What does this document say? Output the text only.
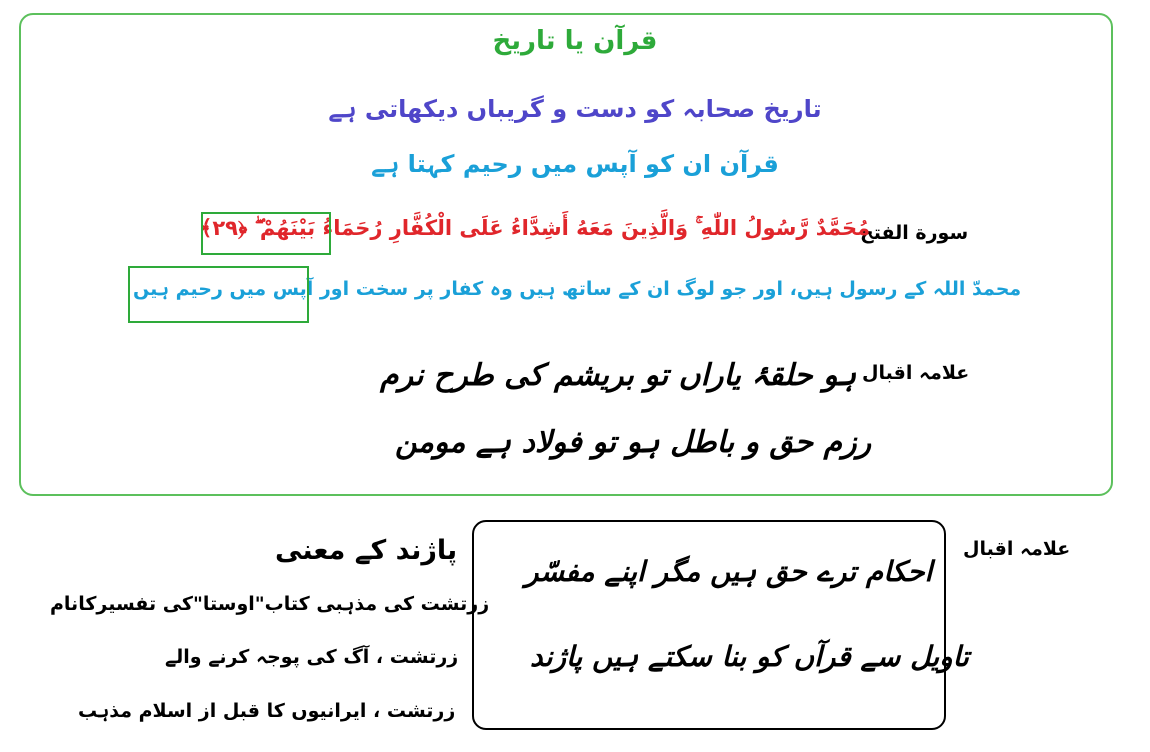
قرآن یا تاریخ
تاریخ صحابہ کو دست و گریباں دیکھاتی ہے
قرآن ان کو آپس میں رحیم کہتا ہے
سورة الفتح
مُحَمَّدٌ رَّسُولُ اللّٰهِ ۚ وَالَّذِينَ مَعَهُ أَشِدَّاءُ عَلَى الْكُفَّارِ رُحَمَاءُ بَيْنَهُمْ ۖ ﴿٢٩﴾
محمدّ اللہ کے رسول ہیں، اور جو لوگ ان کے ساتھ ہیں وہ کفار پر سخت اور آپس میں رحیم ہیں
علامہ اقبال
ہو حلقۂ یاراں تو بریشم کی طرح نرم
رزم حق و باطل ہو تو فولاد ہے مومن
پاژند کے معنی
زرتشت کی مذہبی کتاب"اوستا"کی تفسیرکانام
زرتشت ، آگ کی پوجہ کرنے والے
زرتشت ، ایرانیوں کا قبل از اسلام مذہب
احکام ترے حق ہیں مگر اپنے مفسّر
تاویل سے قرآں کو بنا سکتے ہیں پاژند
علامہ اقبال
